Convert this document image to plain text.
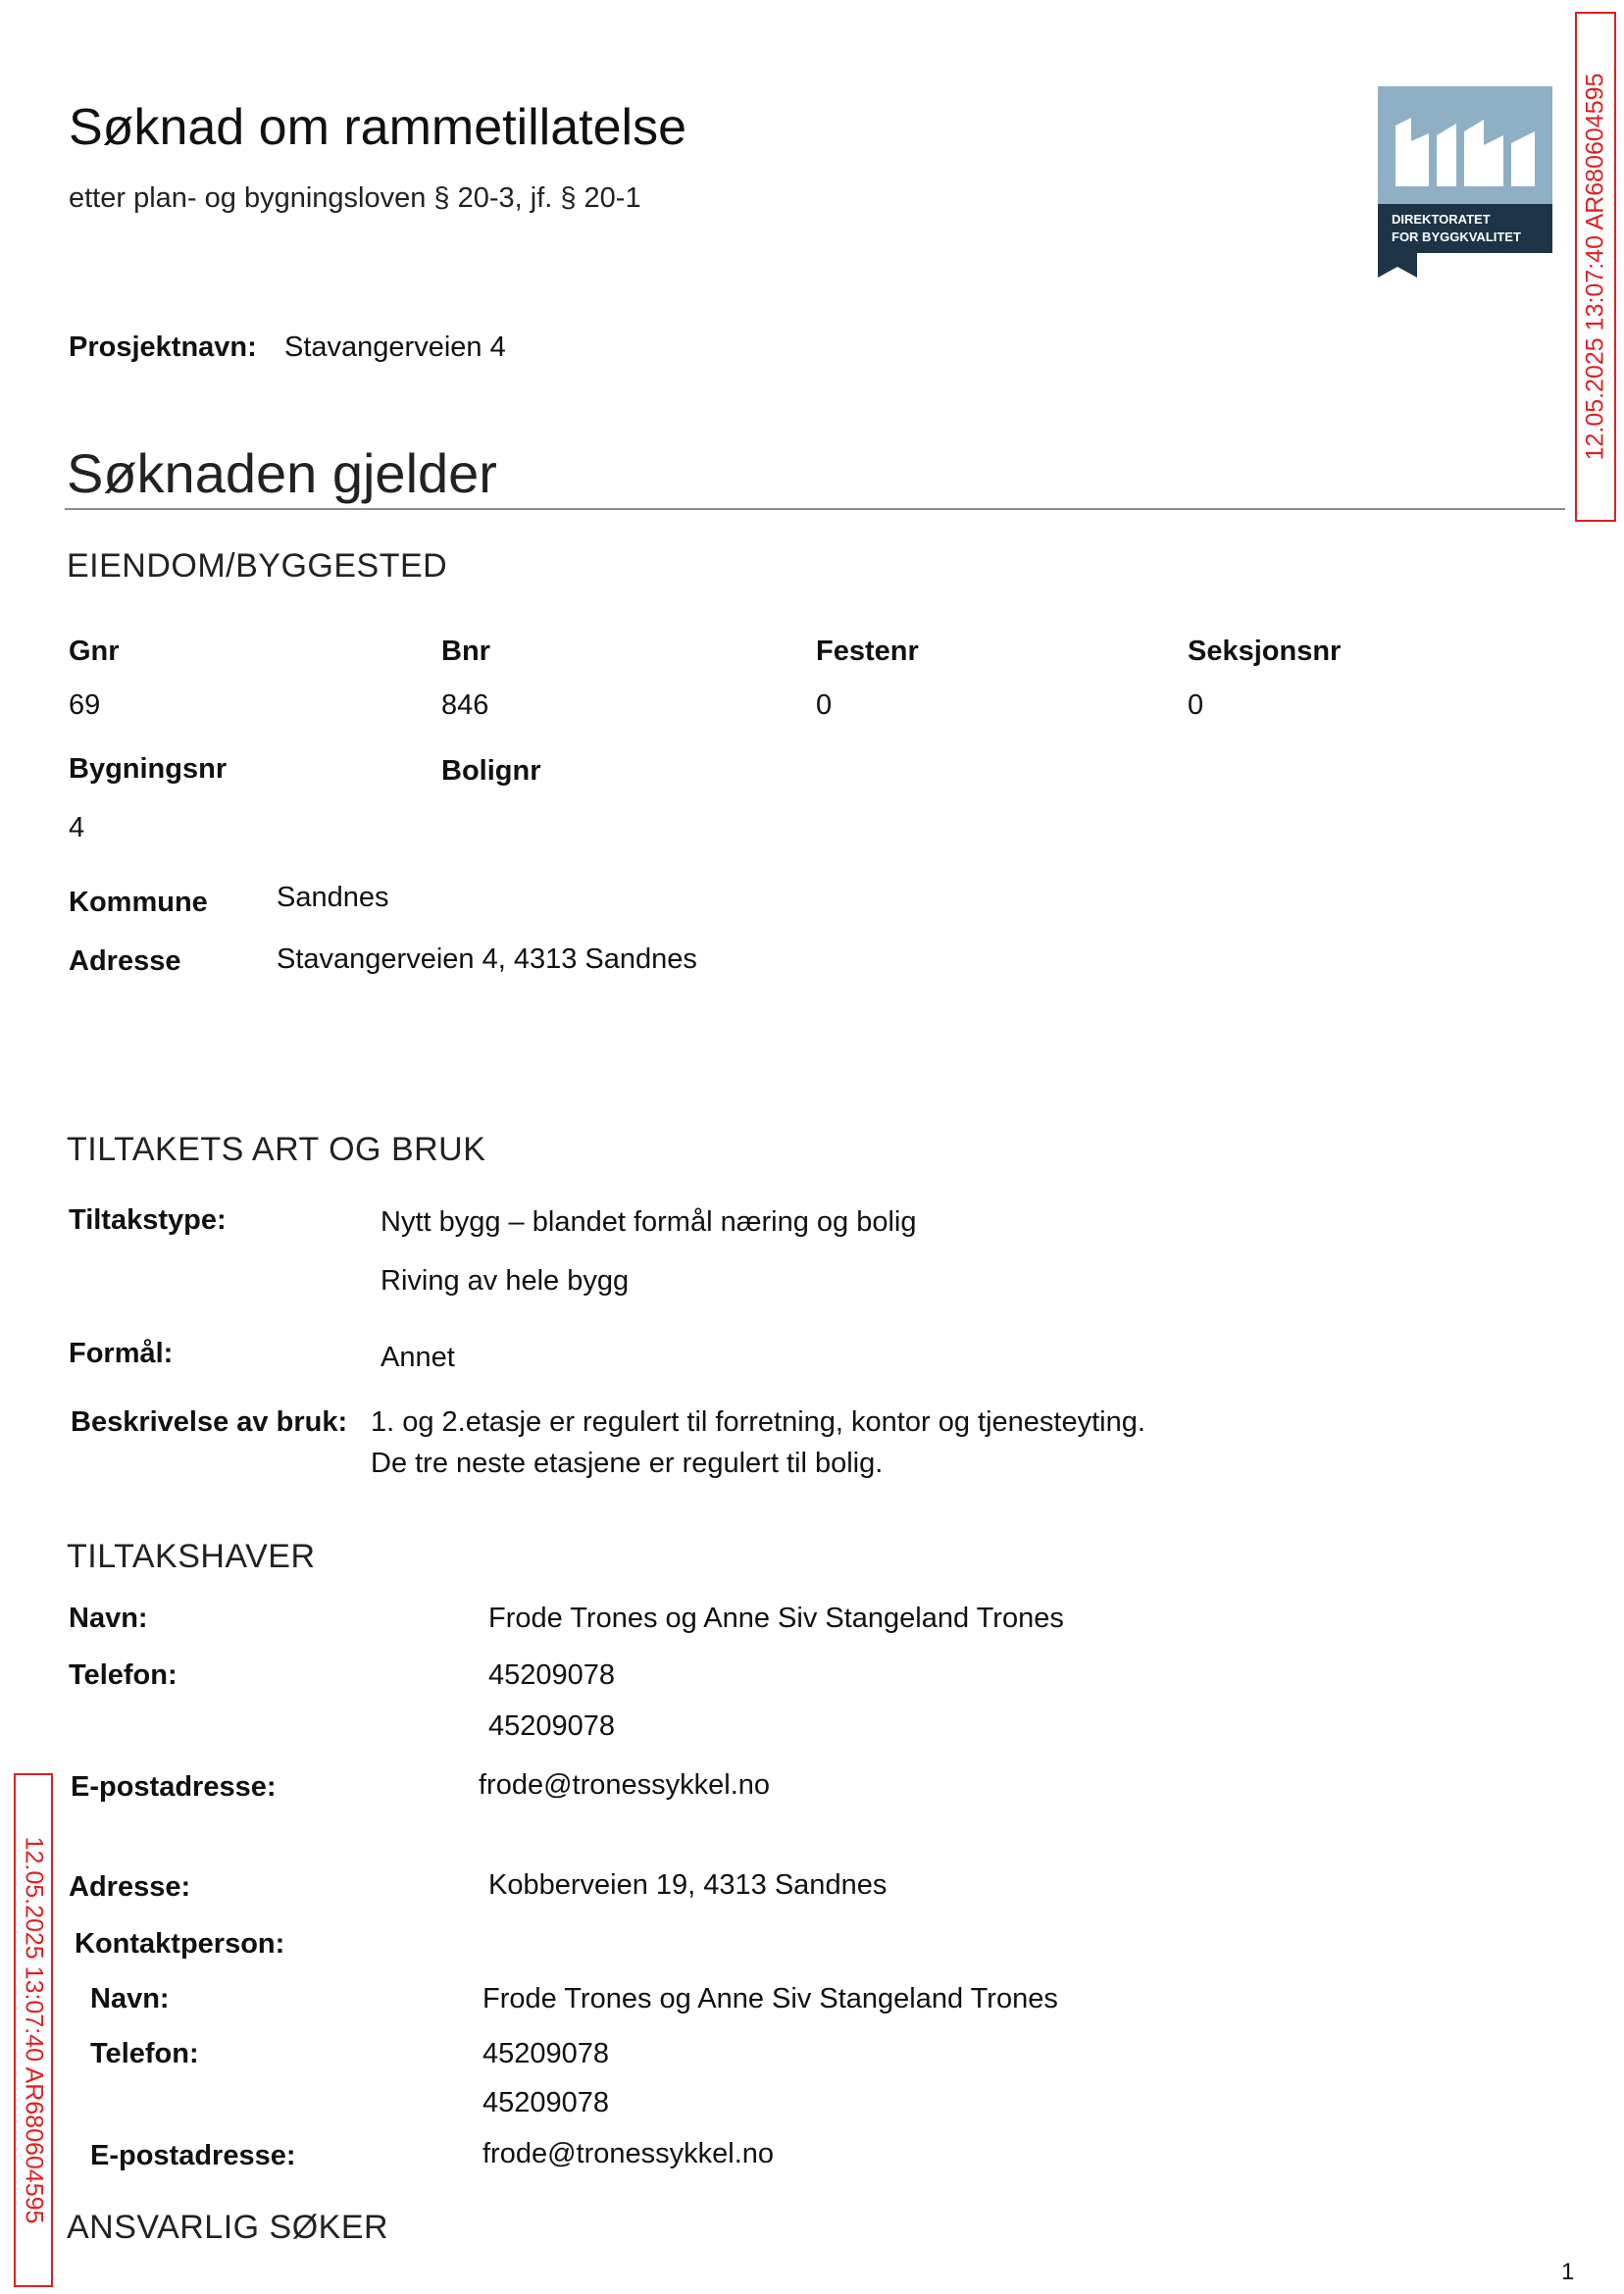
Søknad om rammetillatelse
etter plan- og bygningsloven § 20-3, jf. § 20-1
DIREKTORATET
FOR BYGGKVALITET
Prosjektnavn: Stavangerveien 4
Søknaden gjelder
EIENDOM/BYGGESTED
Gnr	Bnr	Festenr	Seksjonsnr
69	846	0	0
Bygningsnr	Bolignr
4
Kommune Sandnes
Adresse	Stavangerveien 4, 4313 Sandnes
TILTAKETS ART OG BRUK
Tiltakstype:	Nytt bygg – blandet formål næring og bolig
Riving av hele bygg
Formål:	Annet
Beskrivelse av bruk: 1. og 2.etasje er regulert til forretning, kontor og tjenesteyting.
De tre neste etasjene er regulert til bolig.
TILTAKSHAVER
Navn:	Frode Trones og Anne Siv Stangeland Trones
Telefon:	45209078
45209078
E-postadresse:	frode@tronessykkel.no
Adresse:	Kobberveien 19, 4313 Sandnes
Kontaktperson:
Navn:	Frode Trones og Anne Siv Stangeland Trones
Telefon:	45209078
45209078
E-postadresse:	frode@tronessykkel.no
ANSVARLIG SØKER
12.05.2025 13:07:40 AR680604595
12.05.2025 13:07:40 AR680604595
1
